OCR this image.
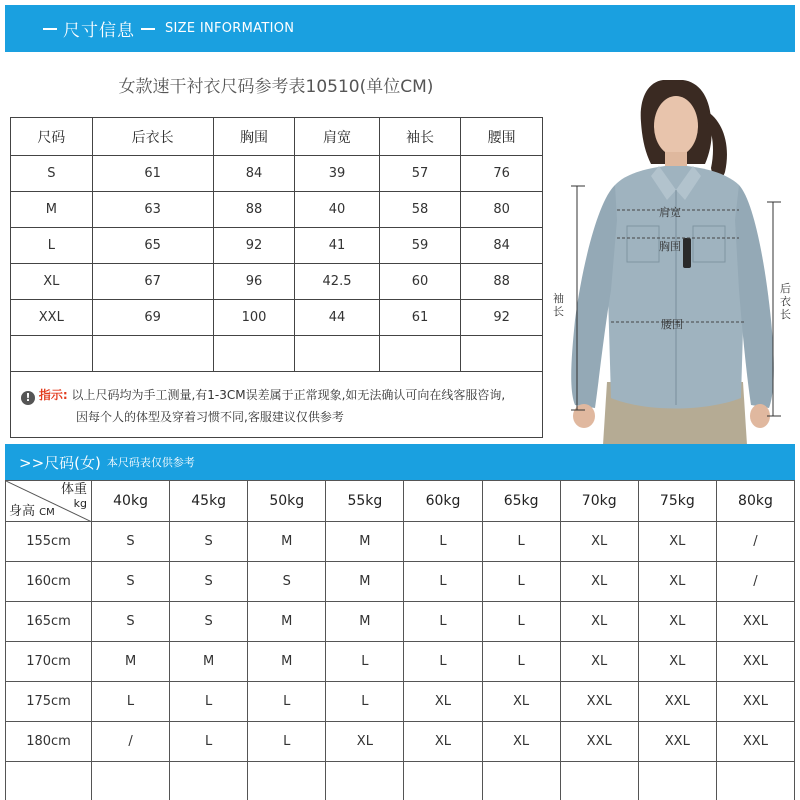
尺寸信息 SIZE INFORMATION
女款速干衬衣尺码参考表10510(单位CM)
尺码	后衣长	胸围	肩宽	袖长	腰围
S	61	84	39	57	76
M	63	88	40	58	80
L	65	92	41	59	84
XL	67	96	42.5	60	88
XXL	69	100	44	61	92

! 指示: 以上尺码均为手工测量,有1-3CM误差属于正常现象,如无法确认可向在线客服咨询,
因每个人的体型及穿着习惯不同,客服建议仅供参考
肩宽
胸围
腰围
袖长
后衣长
>>尺码(女) 本尺码表仅供参考
体重
kg
身高 CM	40kg	45kg	50kg	55kg	60kg	65kg	70kg	75kg	80kg
155cm	S	S	M	M	L	L	XL	XL	/
160cm	S	S	S	M	L	L	XL	XL	/
165cm	S	S	M	M	L	L	XL	XL	XXL
170cm	M	M	M	L	L	L	XL	XL	XXL
175cm	L	L	L	L	XL	XL	XXL	XXL	XXL
180cm	/	L	L	XL	XL	XL	XXL	XXL	XXL
